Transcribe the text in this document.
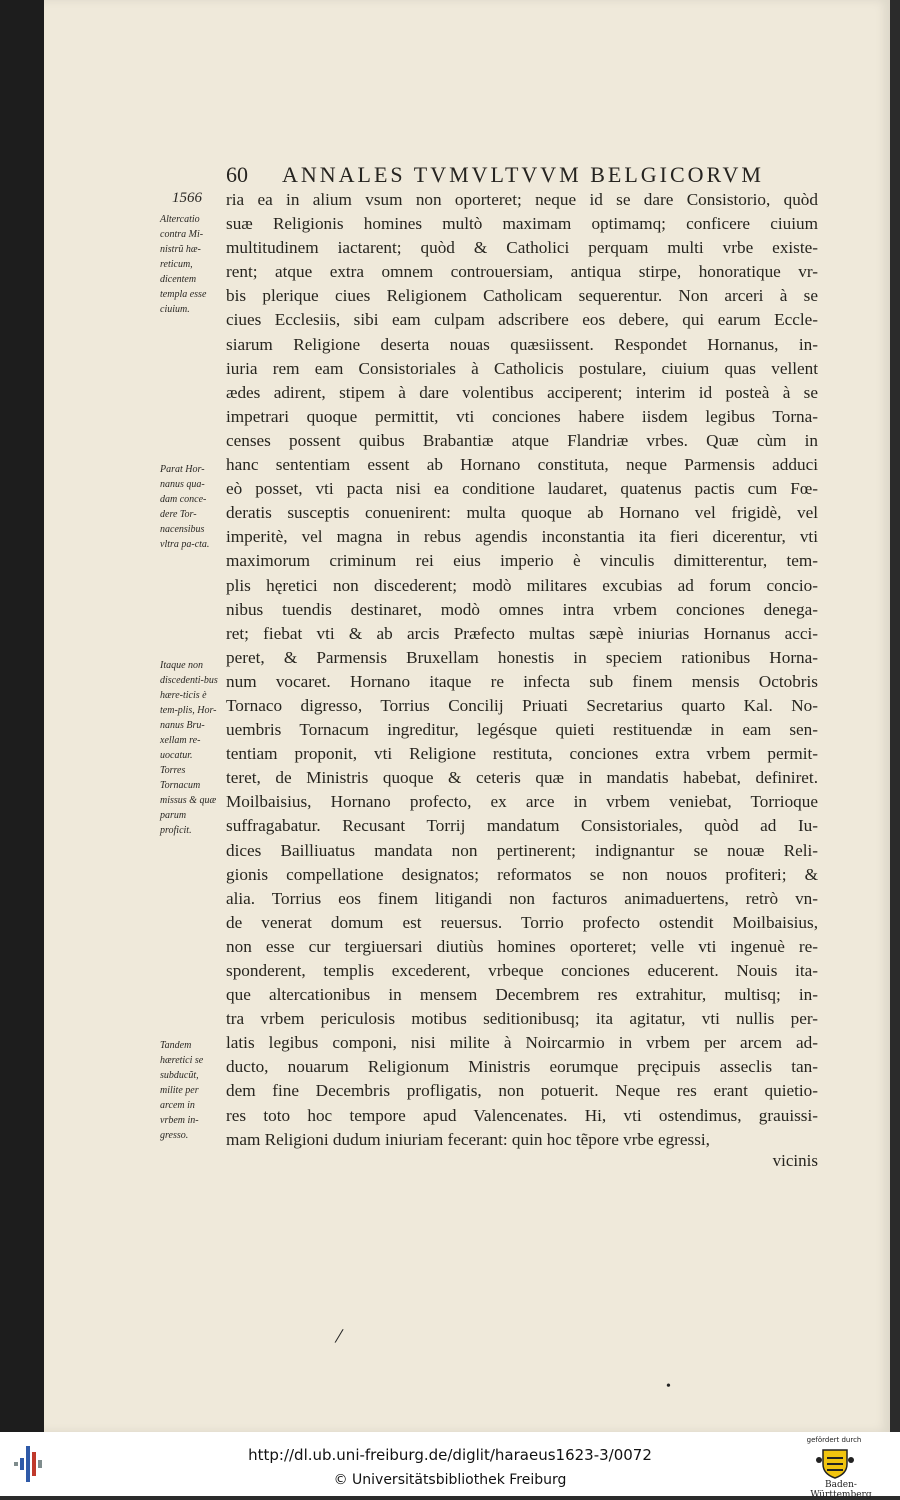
60 ANNALES TVMVLTVVM BELGICORVM
1566
Altercatio contra Mi-nistrũ hæ-reticum, dicentem templa esse ciuium.
Parat Hor-nanus qua-dam conce-dere Tor-nacensibus vltra pa-cta.
Itaque non discedenti-bus hære-ticis è tem-plis, Hor-nanus Bru-xellam re-uocatur. Torres Tornacum missus & quæ parum proficit.
Tandem hæretici se subducũt, milite per arcem in vrbem in-gresso.
ria ea in alium vsum non oporteret; neque id se dare Consistorio, quòd
suæ Religionis homines multò maximam optimamq; conficere ciuium
multitudinem iactarent; quòd & Catholici perquam multi vrbe existe-
rent; atque extra omnem controuersiam, antiqua stirpe, honoratique vr-
bis plerique ciues Religionem Catholicam sequerentur. Non arceri à se
ciues Ecclesiis, sibi eam culpam adscribere eos debere, qui earum Eccle-
siarum Religione deserta nouas quæsiissent. Respondet Hornanus, in-
iuria rem eam Consistoriales à Catholicis postulare, ciuium quas vellent
ædes adirent, stipem à dare volentibus acciperent; interim id posteà à se
impetrari quoque permittit, vti conciones habere iisdem legibus Torna-
censes possent quibus Brabantiæ atque Flandriæ vrbes. Quæ cùm in
hanc sententiam essent ab Hornano constituta, neque Parmensis adduci
eò posset, vti pacta nisi ea conditione laudaret, quatenus pactis cum Fœ-
deratis susceptis conuenirent: multa quoque ab Hornano vel frigidè, vel
imperitè, vel magna in rebus agendis inconstantia ita fieri dicerentur, vti
maximorum criminum rei eius imperio è vinculis dimitterentur, tem-
plis hęretici non discederent; modò militares excubias ad forum concio-
nibus tuendis destinaret, modò omnes intra vrbem conciones denega-
ret; fiebat vti & ab arcis Præfecto multas sæpè iniurias Hornanus acci-
peret, & Parmensis Bruxellam honestis in speciem rationibus Horna-
num vocaret. Hornano itaque re infecta sub finem mensis Octobris
Tornaco digresso, Torrius Concilij Priuati Secretarius quarto Kal. No-
uembris Tornacum ingreditur, legésque quieti restituendæ in eam sen-
tentiam proponit, vti Religione restituta, conciones extra vrbem permit-
teret, de Ministris quoque & ceteris quæ in mandatis habebat, definiret.
Moilbaisius, Hornano profecto, ex arce in vrbem veniebat, Torrioque
suffragabatur. Recusant Torrij mandatum Consistoriales, quòd ad Iu-
dices Bailliuatus mandata non pertinerent; indignantur se nouæ Reli-
gionis compellatione designatos; reformatos se non nouos profiteri; &
alia. Torrius eos finem litigandi non facturos animaduertens, retrò vn-
de venerat domum est reuersus. Torrio profecto ostendit Moilbaisius,
non esse cur tergiuersari diutiùs homines oporteret; velle vti ingenuè re-
sponderent, templis excederent, vrbeque conciones educerent. Nouis ita-
que altercationibus in mensem Decembrem res extrahitur, multisq; in-
tra vrbem periculosis motibus seditionibusq; ita agitatur, vti nullis per-
latis legibus componi, nisi milite à Noircarmio in vrbem per arcem ad-
ducto, nouarum Religionum Ministris eorumque pręcipuis asseclis tan-
dem fine Decembris profligatis, non potuerit. Neque res erant quietio-
res toto hoc tempore apud Valencenates. Hi, vti ostendimus, grauissi-
mam Religioni dudum iniuriam fecerant: quin hoc tẽpore vrbe egressi,
vicinis
/
•
http://dl.ub.uni-freiburg.de/diglit/haraeus1623-3/0072
© Universitätsbibliothek Freiburg
gefördert durch
Baden-Württemberg
